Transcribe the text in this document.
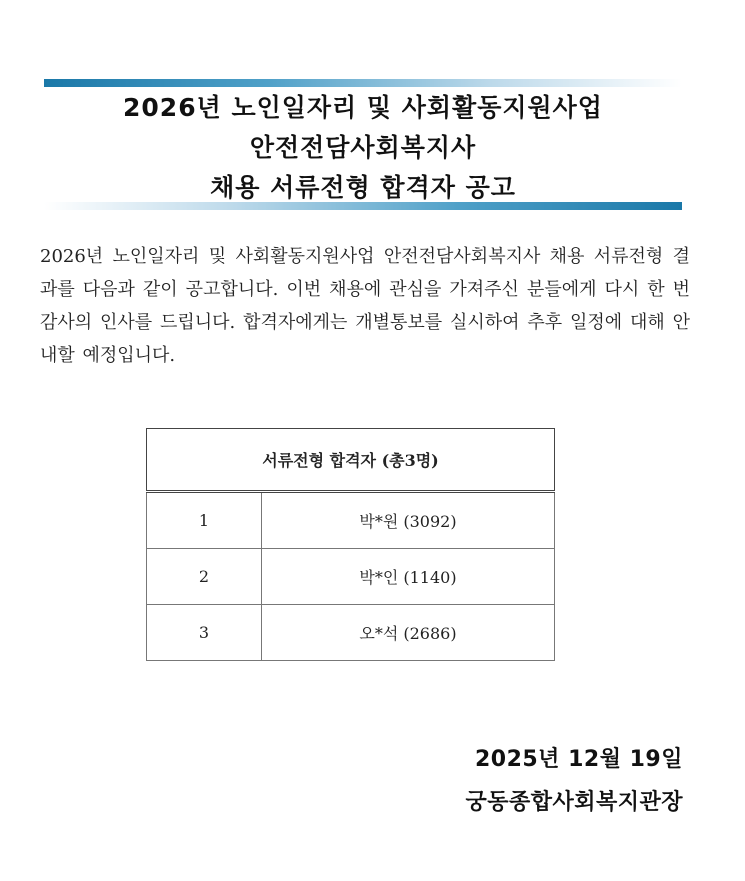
2026년 노인일자리 및 사회활동지원사업
안전전담사회복지사
채용 서류전형 합격자 공고

2026년 노인일자리 및 사회활동지원사업 안전전담사회복지사 채용 서류전형 결과를 다음과 같이 공고합니다. 이번 채용에 관심을 가져주신 분들에게 다시 한 번 감사의 인사를 드립니다. 합격자에게는 개별통보를 실시하여 추후 일정에 대해 안내할 예정입니다.

서류전형 합격자 (총3명)	
1	박*원 (3092)
2	박*인 (1140)
3	오*석 (2686)

2025년 12월 19일

궁동종합사회복지관장
